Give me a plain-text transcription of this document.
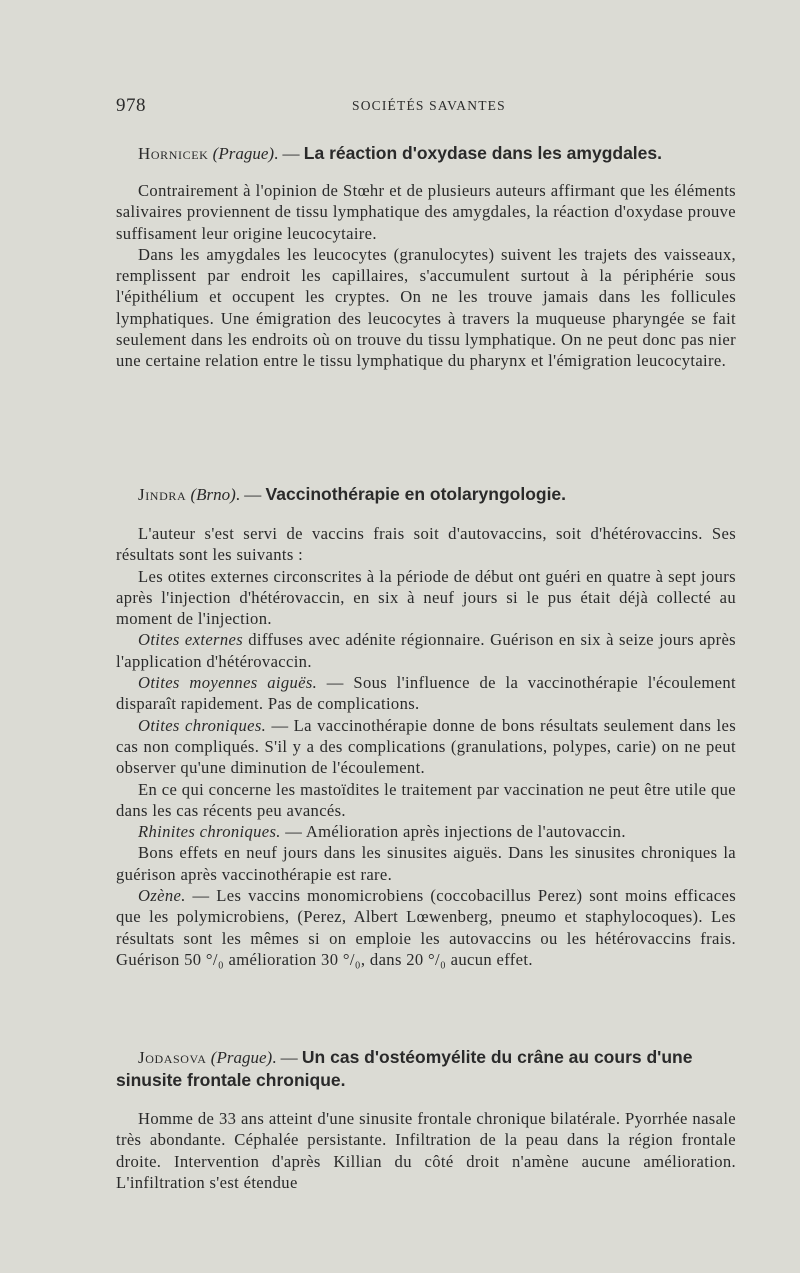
978	SOCIÉTÉS SAVANTES

Hornicek (Prague). — La réaction d'oxydase dans les amygdales.

Contrairement à l'opinion de Stœhr et de plusieurs auteurs affirmant que les éléments salivaires proviennent de tissu lymphatique des amygdales, la réaction d'oxydase prouve suffisament leur origine leucocytaire.

Dans les amygdales les leucocytes (granulocytes) suivent les trajets des vaisseaux, remplissent par endroit les capillaires, s'accumulent surtout à la périphérie sous l'épithélium et occupent les cryptes. On ne les trouve jamais dans les follicules lymphatiques. Une émigration des leucocytes à travers la muqueuse pharyngée se fait seulement dans les endroits où on trouve du tissu lymphatique. On ne peut donc pas nier une certaine relation entre le tissu lymphatique du pharynx et l'émigration leucocytaire.

Jindra (Brno). — Vaccinothérapie en otolaryngologie.

L'auteur s'est servi de vaccins frais soit d'autovaccins, soit d'hétérovaccins. Ses résultats sont les suivants :

Les otites externes circonscrites à la période de début ont guéri en quatre à sept jours après l'injection d'hétérovaccin, en six à neuf jours si le pus était déjà collecté au moment de l'injection.

Otites externes diffuses avec adénite régionnaire. Guérison en six à seize jours après l'application d'hétérovaccin.

Otites moyennes aiguës. — Sous l'influence de la vaccinothérapie l'écoulement disparaît rapidement. Pas de complications.

Otites chroniques. — La vaccinothérapie donne de bons résultats seulement dans les cas non compliqués. S'il y a des complications (granulations, polypes, carie) on ne peut observer qu'une diminution de l'écoulement.

En ce qui concerne les mastoïdites le traitement par vaccination ne peut être utile que dans les cas récents peu avancés.

Rhinites chroniques. — Amélioration après injections de l'autovaccin.

Bons effets en neuf jours dans les sinusites aiguës. Dans les sinusites chroniques la guérison après vaccinothérapie est rare.

Ozène. — Les vaccins monomicrobiens (coccobacillus Perez) sont moins efficaces que les polymicrobiens, (Perez, Albert Lœwenberg, pneumo et staphylocoques). Les résultats sont les mêmes si on emploie les autovaccins ou les hétérovaccins frais. Guérison 50 °/₀ amélioration 30 °/₀, dans 20 °/₀ aucun effet.

Jodasova (Prague). — Un cas d'ostéomyélite du crâne au cours d'une sinusite frontale chronique.

Homme de 33 ans atteint d'une sinusite frontale chronique bilatérale. Pyorrhée nasale très abondante. Céphalée persistante. Infiltration de la peau dans la région frontale droite. Intervention d'après Killian du côté droit n'amène aucune amélioration. L'infiltration s'est étendue
